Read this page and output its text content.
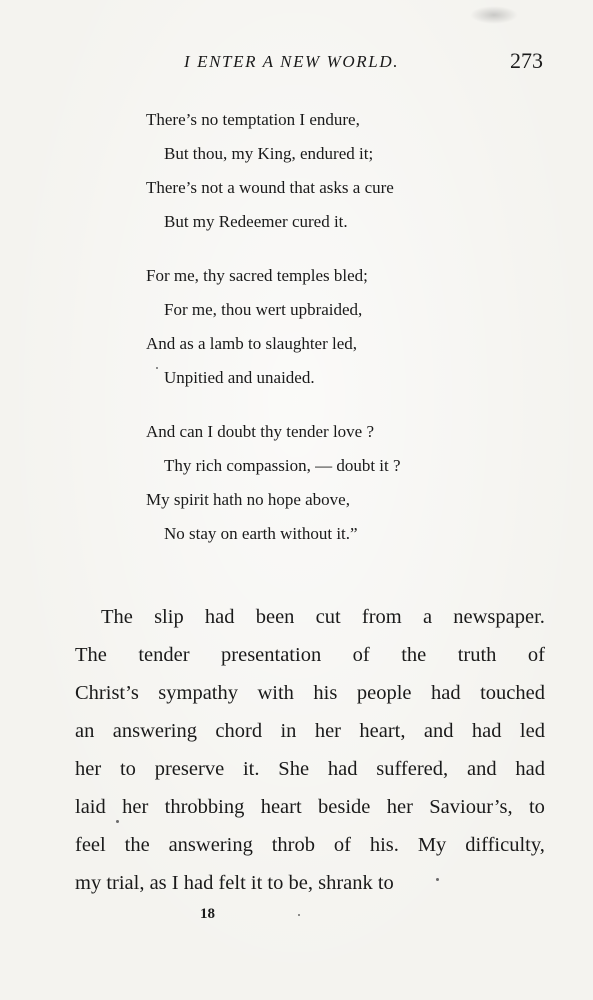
I ENTER A NEW WORLD.	273
There’s no temptation I endure,
But thou, my King, endured it;
There’s not a wound that asks a cure
But my Redeemer cured it.
For me, thy sacred temples bled;
For me, thou wert upbraided,
And as a lamb to slaughter led,
Unpitied and unaided.
And can I doubt thy tender love ?
Thy rich compassion, — doubt it ?
My spirit hath no hope above,
No stay on earth without it.”
The slip had been cut from a newspaper.
The tender presentation of the truth of
Christ’s sympathy with his people had touched
an answering chord in her heart, and had led
her to preserve it. She had suffered, and had
laid her throbbing heart beside her Saviour’s, to
feel the answering throb of his. My difficulty,
my trial, as I had felt it to be, shrank to
18
